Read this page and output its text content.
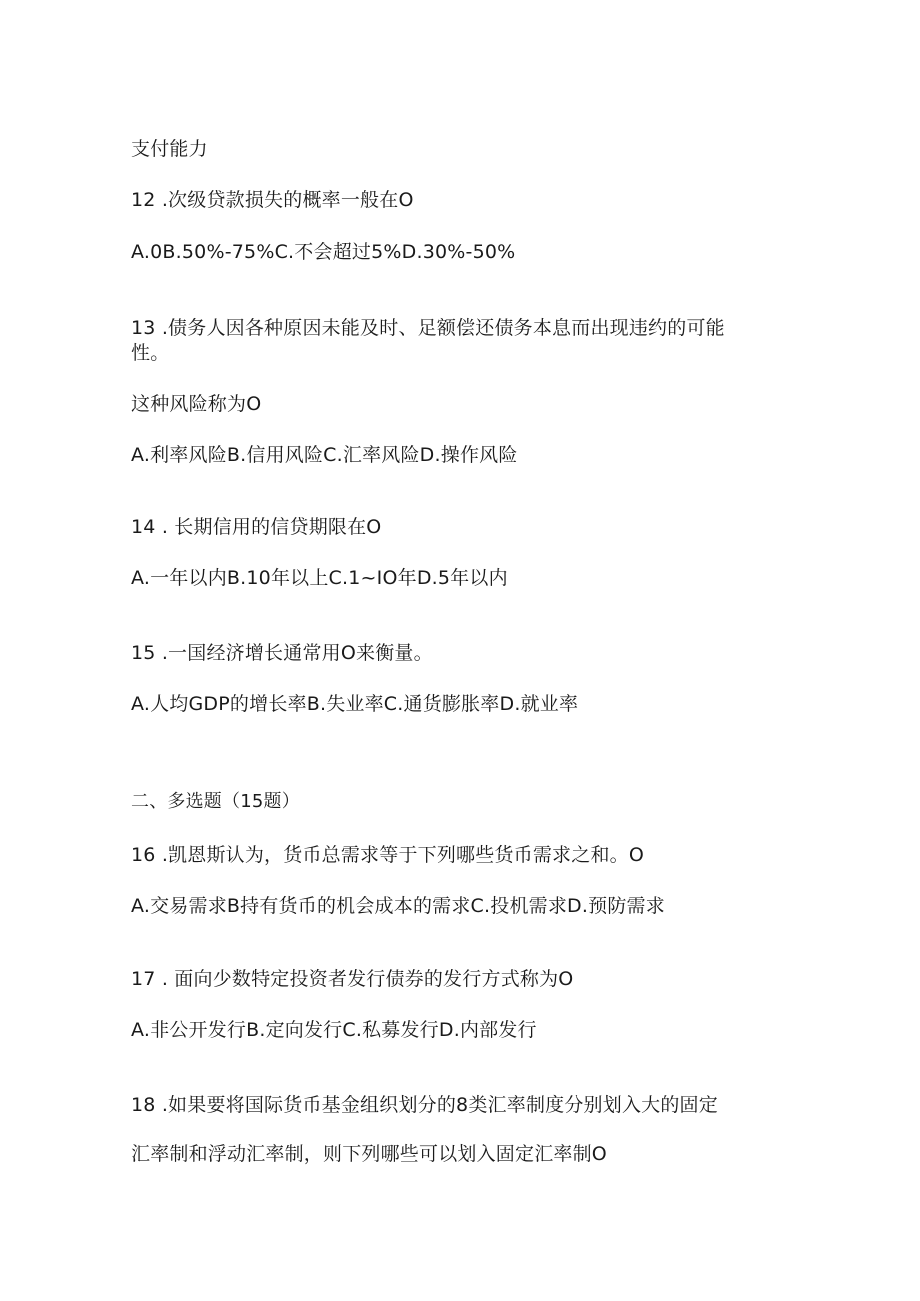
支付能力
12 .次级贷款损失的概率一般在O
A.0B.50%-75%C.不会超过5%D.30%-50%
13 .债务人因各种原因未能及时、足额偿还债务本息而出现违约的可能
性。
这种风险称为O
A.利率风险B.信用风险C.汇率风险D.操作风险
14 . 长期信用的信贷期限在O
A.一年以内B.10年以上C.1~IO年D.5年以内
15 .一国经济增长通常用O来衡量。
A.人均GDP的增长率B.失业率C.通货膨胀率D.就业率
二、多选题（15题）
16 .凯恩斯认为，货币总需求等于下列哪些货币需求之和。O
A.交易需求B持有货币的机会成本的需求C.投机需求D.预防需求
17 . 面向少数特定投资者发行债券的发行方式称为O
A.非公开发行B.定向发行C.私募发行D.内部发行
18 .如果要将国际货币基金组织划分的8类汇率制度分别划入大的固定
汇率制和浮动汇率制，则下列哪些可以划入固定汇率制O
